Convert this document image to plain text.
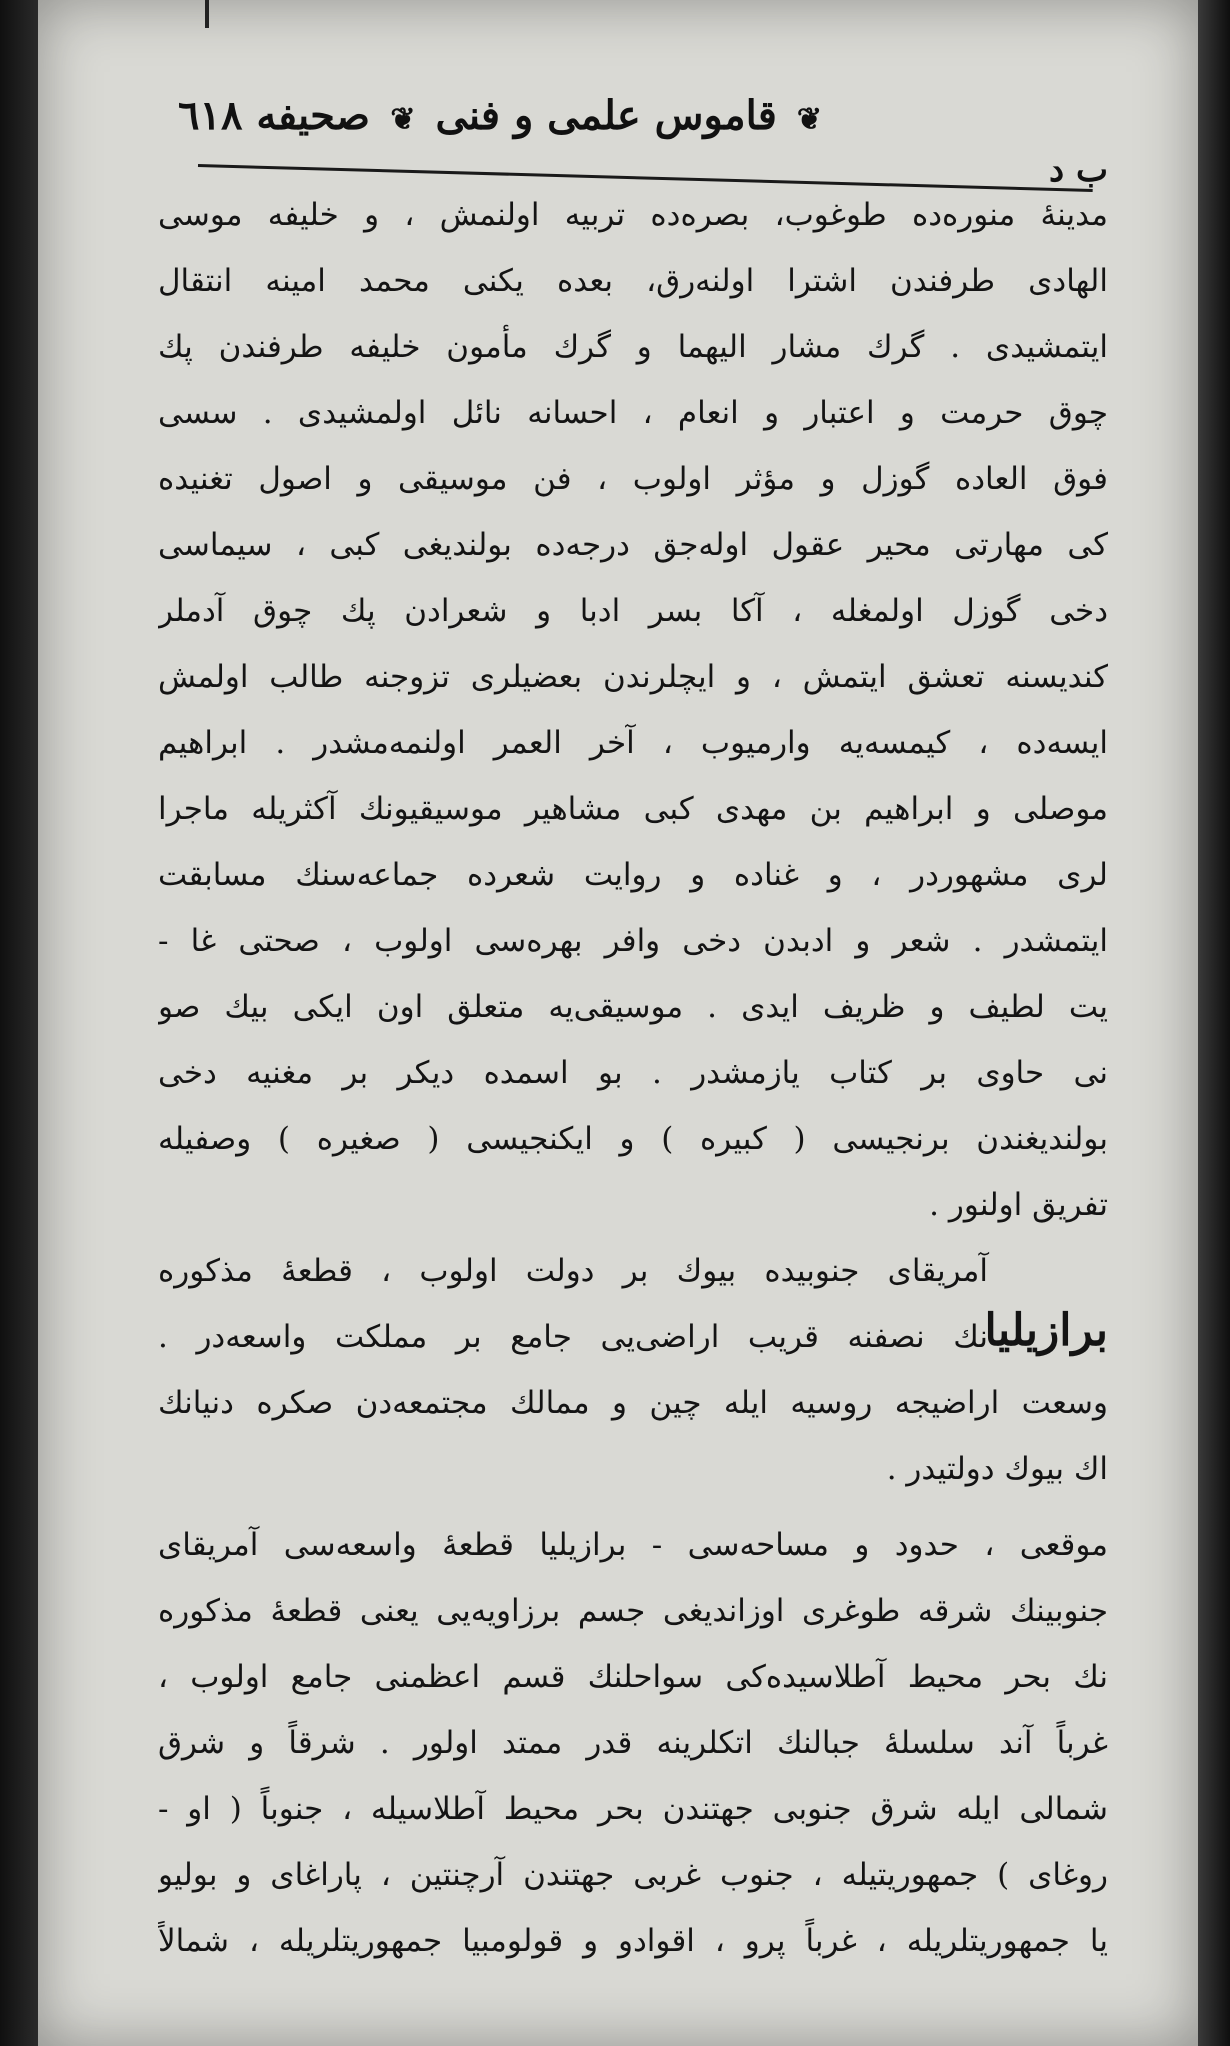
ب د
❦ قاموس علمی و فنی ❦
صحیفه ٦١٨
مدینهٔ منوره‌ده طوغوب، بصره‌ده تربیه اولنمش ، و خلیفه موسی
الهادی طرفندن اشترا اولنه‌رق، بعده یکنی محمد امینه انتقال
ایتمشیدی . گرك مشار الیهما و گرك مأمون خلیفه طرفندن پك
چوق حرمت و اعتبار و انعام ، احسانه نائل اولمشیدی . سسی
فوق العاده گوزل و مؤثر اولوب ، فن موسیقی و اصول تغنیده
کی مهارتی محیر عقول اوله‌جق درجه‌ده بولندیغی کبی ، سیماسی
دخی گوزل اولمغله ، آکا بسر ادبا و شعرادن پك چوق آدملر
کندیسنه تعشق ایتمش ، و ایچلرندن بعضیلری تزوجنه طالب اولمش
ایسه‌ده ، کیمسه‌یه وارمیوب ، آخر العمر اولنمه‌مشدر . ابراهیم
موصلی و ابراهیم بن مهدی کبی مشاهیر موسیقیونك آکثریله ماجرا
لری مشهوردر ، و غناده و روایت شعرده جماعه‌سنك مسابقت
ایتمشدر . شعر و ادبدن دخی وافر بهره‌سی اولوب ، صحتی غا -
یت لطیف و ظریف ایدی . موسیقی‌یه متعلق اون ایکی بیك صو
نی حاوی بر کتاب یازمشدر . بو اسمده دیکر بر مغنیه دخی
بولندیغندن برنجیسی ( کبیره ) و ایکنجیسی ( صغیره ) وصفیله
تفریق اولنور .
آمریقای جنوبیده بیوك بر دولت اولوب ، قطعهٔ مذکوره
برازیلیا
نك نصفنه قریب اراضی‌یی جامع بر مملکت واسعه‌در .
وسعت اراضیجه روسیه ایله چین و ممالك مجتمعه‌دن صکره دنیانك
اك بیوك دولتیدر .
موقعی ، حدود و مساحه‌سی - برازیلیا قطعهٔ واسعه‌سی آمریقای
جنوبینك شرقه طوغری اوزاندیغی جسم برزاویه‌یی یعنی قطعهٔ مذکوره
نك بحر محیط آطلاسیده‌کی سواحلنك قسم اعظمنی جامع اولوب ،
غرباً آند سلسلهٔ جبالنك اتکلرینه قدر ممتد اولور . شرقاً و شرق
شمالی ایله شرق جنوبی جهتندن بحر محیط آطلاسیله ، جنوباً ( او -
روغای ) جمهوریتیله ، جنوب غربی جهتندن آرچنتین ، پاراغای و بولیو
یا جمهوریتلریله ، غرباً پرو ، اقوادو و قولومبیا جمهوریتلریله ، شمالاً
